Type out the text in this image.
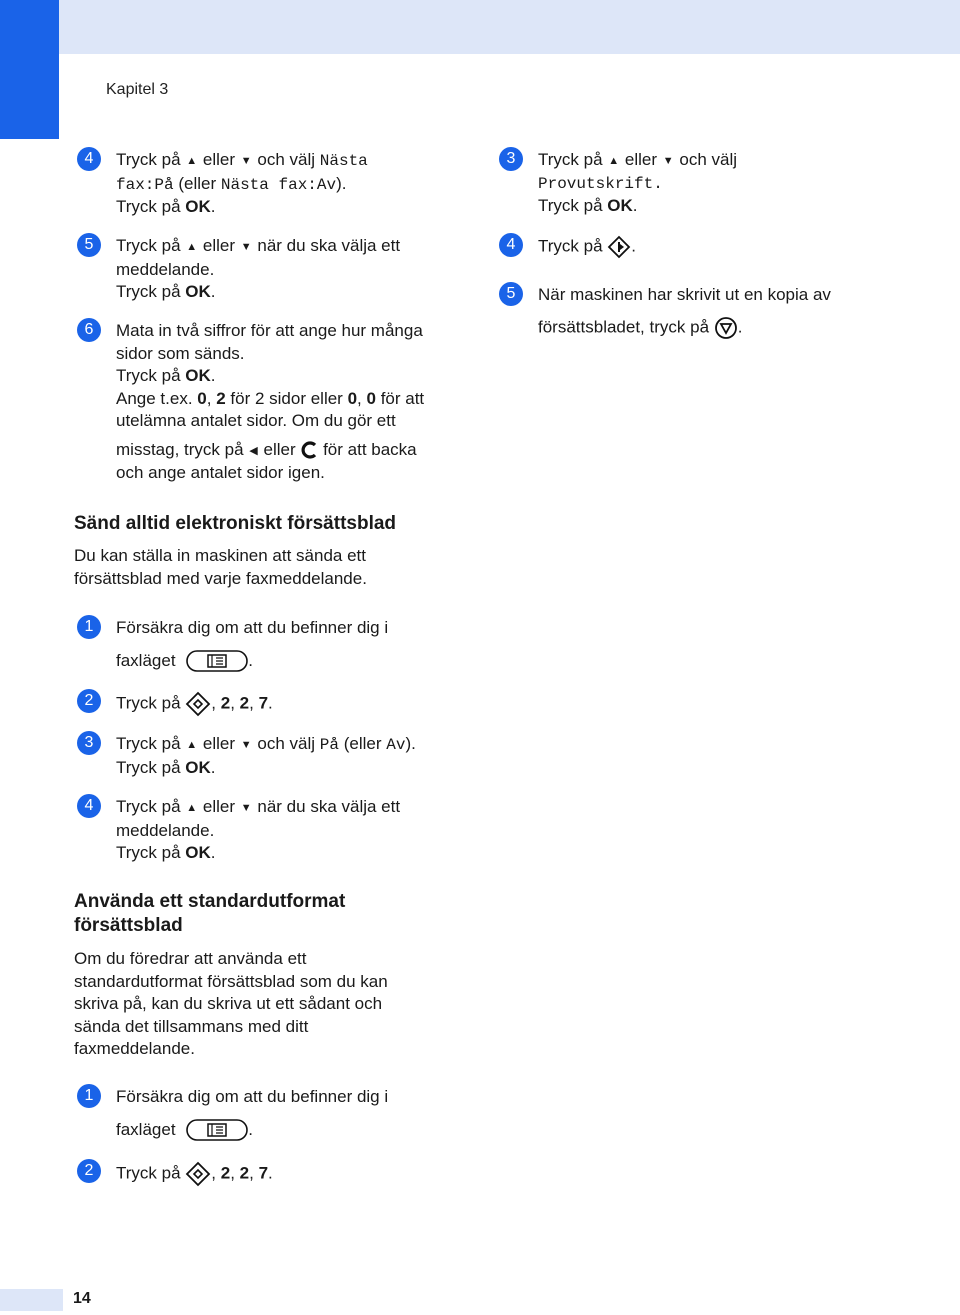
Kapitel 3
4	Tryck på ▲ eller ▼ och välj Nästa
fax:På (eller Nästa fax:Av).
Tryck på OK.
5	Tryck på ▲ eller ▼ när du ska välja ett
meddelande.
Tryck på OK.
6	Mata in två siffror för att ange hur många
sidor som sänds.
Tryck på OK.
Ange t.ex. 0, 2 för 2 sidor eller 0, 0 för att
utelämna antalet sidor. Om du gör ett
misstag, tryck på ◀ eller för att backa
och ange antalet sidor igen.
3	Tryck på ▲ eller ▼ och välj
Provutskrift.
Tryck på OK.
4	Tryck på .
5	När maskinen har skrivit ut en kopia av
försättsbladet, tryck på .
Sänd alltid elektroniskt försättsblad
Du kan ställa in maskinen att sända ett
försättsblad med varje faxmeddelande.
1	Försäkra dig om att du befinner dig i
faxläget	.
2	Tryck på , 2, 2, 7.
3	Tryck på ▲ eller ▼ och välj På (eller Av).
Tryck på OK.
4	Tryck på ▲ eller ▼ när du ska välja ett
meddelande.
Tryck på OK.
Använda ett standardutformat
försättsblad
Om du föredrar att använda ett
standardutformat försättsblad som du kan
skriva på, kan du skriva ut ett sådant och
sända det tillsammans med ditt
faxmeddelande.
1	Försäkra dig om att du befinner dig i
faxläget	.
2	Tryck på , 2, 2, 7.
14
